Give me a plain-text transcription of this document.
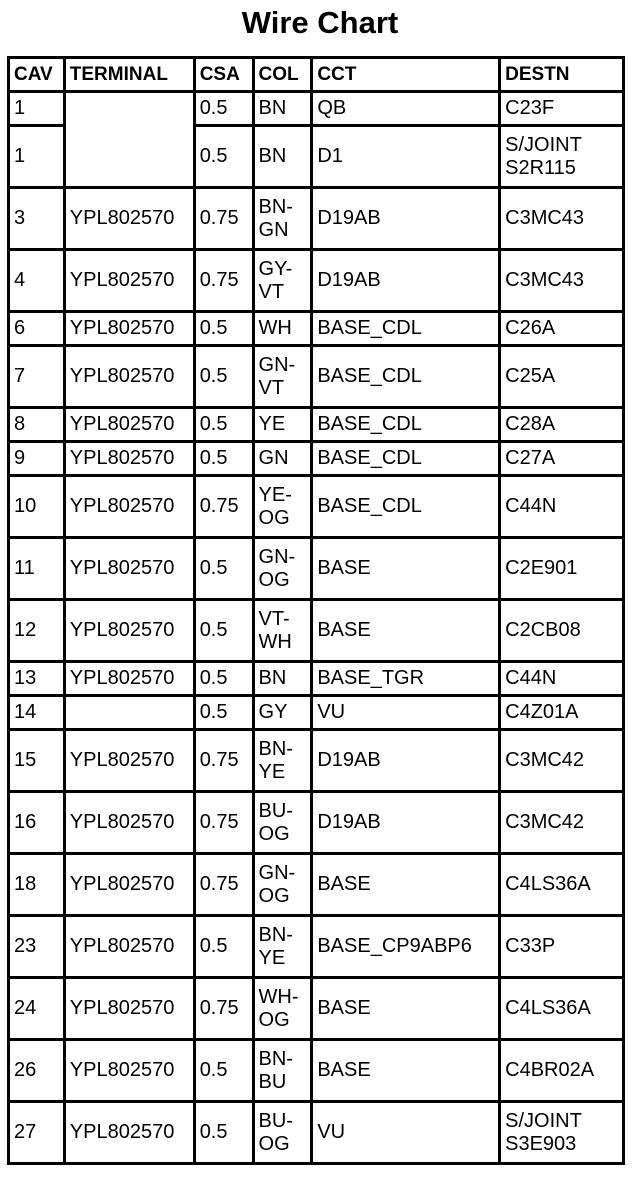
Wire Chart
CAV	TERMINAL	CSA	COL	CCT	DESTN
1		0.5	BN	QB	C23F
1		0.5	BN	D1	S/JOINT S2R115
3	YPL802570	0.75	BN-GN	D19AB	C3MC43
4	YPL802570	0.75	GY-VT	D19AB	C3MC43
6	YPL802570	0.5	WH	BASE_CDL	C26A
7	YPL802570	0.5	GN-VT	BASE_CDL	C25A
8	YPL802570	0.5	YE	BASE_CDL	C28A
9	YPL802570	0.5	GN	BASE_CDL	C27A
10	YPL802570	0.75	YE-OG	BASE_CDL	C44N
11	YPL802570	0.5	GN-OG	BASE	C2E901
12	YPL802570	0.5	VT-WH	BASE	C2CB08
13	YPL802570	0.5	BN	BASE_TGR	C44N
14		0.5	GY	VU	C4Z01A
15	YPL802570	0.75	BN-YE	D19AB	C3MC42
16	YPL802570	0.75	BU-OG	D19AB	C3MC42
18	YPL802570	0.75	GN-OG	BASE	C4LS36A
23	YPL802570	0.5	BN-YE	BASE_CP9ABP6	C33P
24	YPL802570	0.75	WH-OG	BASE	C4LS36A
26	YPL802570	0.5	BN-BU	BASE	C4BR02A
27	YPL802570	0.5	BU-OG	VU	S/JOINT S3E903
